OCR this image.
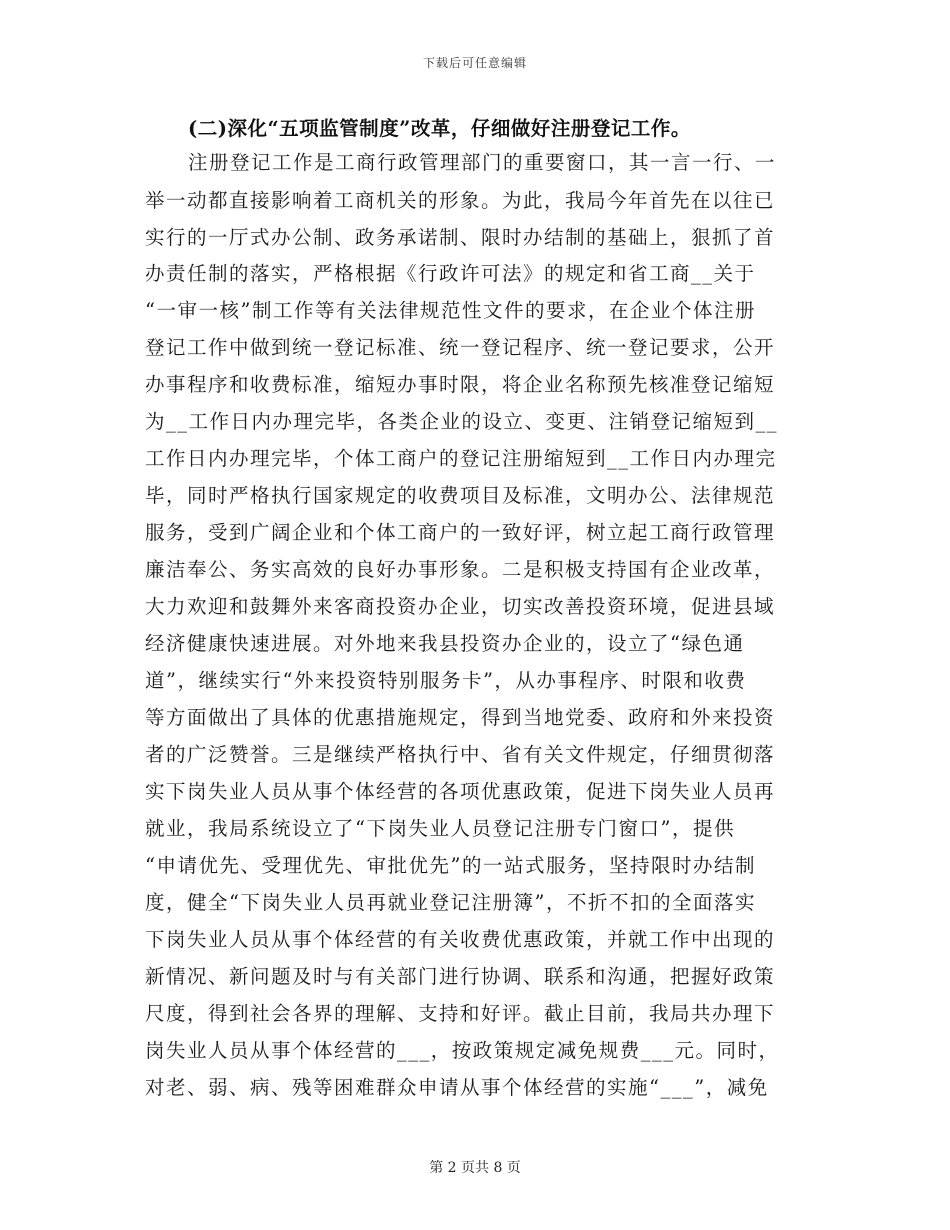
下载后可任意编辑
(二)深化“五项监管制度”改革，仔细做好注册登记工作。
注册登记工作是工商行政管理部门的重要窗口，其一言一行、一
举一动都直接影响着工商机关的形象。为此，我局今年首先在以往已
实行的一厅式办公制、政务承诺制、限时办结制的基础上，狠抓了首
办责任制的落实，严格根据《行政许可法》的规定和省工商__关于
“一审一核”制工作等有关法律规范性文件的要求，在企业个体注册
登记工作中做到统一登记标准、统一登记程序、统一登记要求，公开
办事程序和收费标准，缩短办事时限，将企业名称预先核准登记缩短
为__工作日内办理完毕，各类企业的设立、变更、注销登记缩短到__
工作日内办理完毕，个体工商户的登记注册缩短到__工作日内办理完
毕，同时严格执行国家规定的收费项目及标准，文明办公、法律规范
服务，受到广阔企业和个体工商户的一致好评，树立起工商行政管理
廉洁奉公、务实高效的良好办事形象。二是积极支持国有企业改革，
大力欢迎和鼓舞外来客商投资办企业，切实改善投资环境，促进县域
经济健康快速进展。对外地来我县投资办企业的，设立了“绿色通
道”，继续实行“外来投资特别服务卡”，从办事程序、时限和收费
等方面做出了具体的优惠措施规定，得到当地党委、政府和外来投资
者的广泛赞誉。三是继续严格执行中、省有关文件规定，仔细贯彻落
实下岗失业人员从事个体经营的各项优惠政策，促进下岗失业人员再
就业，我局系统设立了“下岗失业人员登记注册专门窗口”，提供
“申请优先、受理优先、审批优先”的一站式服务，坚持限时办结制
度，健全“下岗失业人员再就业登记注册簿”，不折不扣的全面落实
下岗失业人员从事个体经营的有关收费优惠政策，并就工作中出现的
新情况、新问题及时与有关部门进行协调、联系和沟通，把握好政策
尺度，得到社会各界的理解、支持和好评。截止目前，我局共办理下
岗失业人员从事个体经营的___，按政策规定减免规费___元。同时，
对老、弱、病、残等困难群众申请从事个体经营的实施“___”，减免
第 2 页共 8 页
